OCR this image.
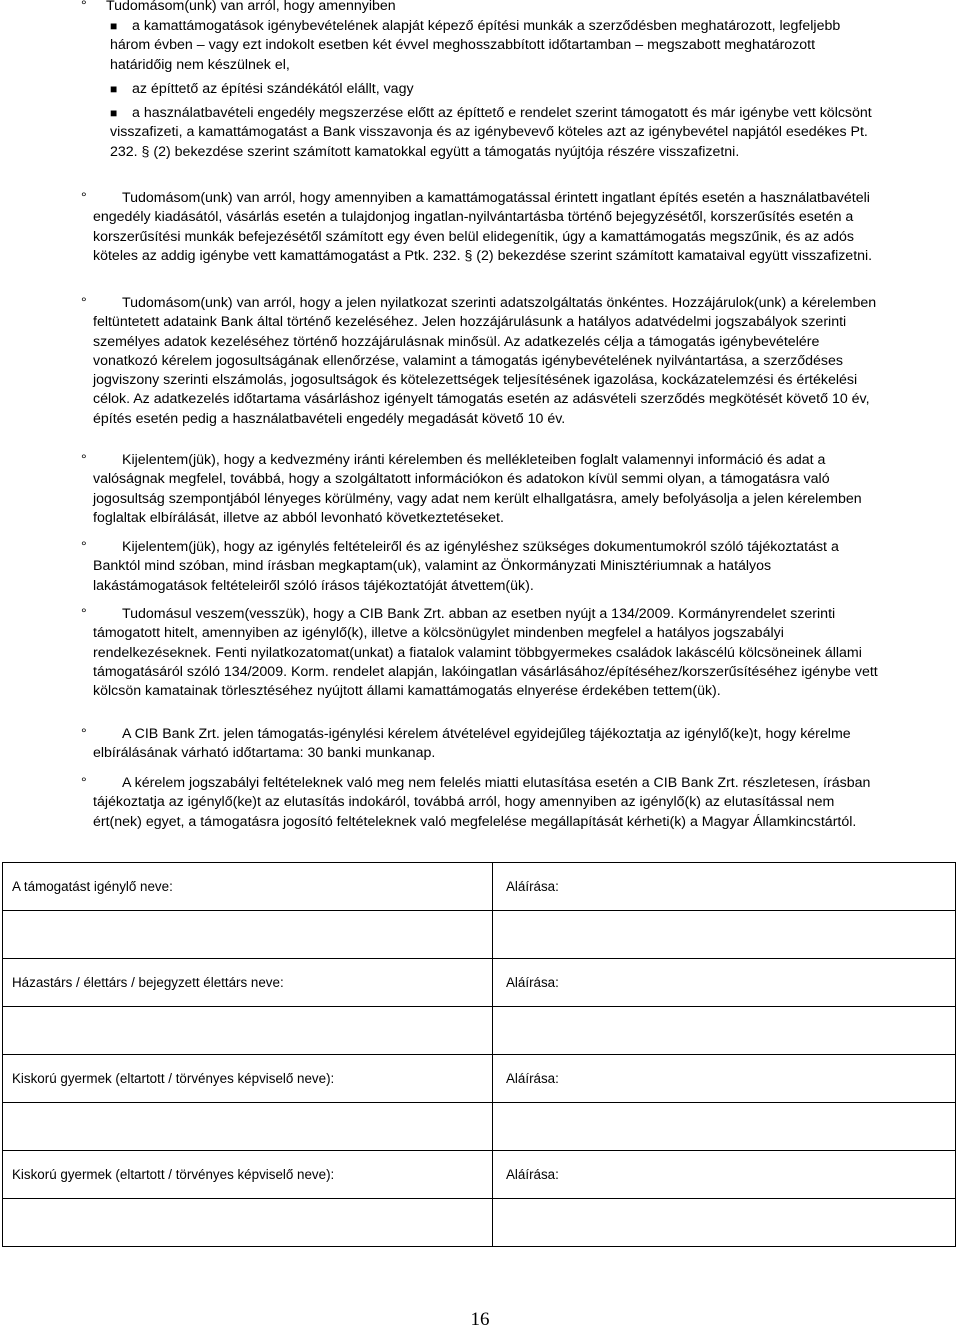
°	Tudomásom(unk) van arról, hogy amennyiben
■	a kamattámogatások igénybevételének alapját képező építési munkák a szerződésben meghatározott, legfeljebb három évben – vagy ezt indokolt esetben két évvel meghosszabbított időtartamban – megszabott meghatározott határidőig nem készülnek el,
■	az építtető az építési szándékától elállt, vagy
■	a használatbavételi engedély megszerzése előtt az építtető e rendelet szerint támogatott és már igénybe vett kölcsönt visszafizeti, a kamattámogatást a Bank visszavonja és az igénybevevő köteles azt az igénybevétel napjától esedékes Pt. 232. § (2) bekezdése szerint számított kamatokkal együtt a támogatás nyújtója részére visszafizetni.
°	Tudomásom(unk) van arról, hogy amennyiben a kamattámogatással érintett ingatlant építés esetén a használatbavételi engedély kiadásától, vásárlás esetén a tulajdonjog ingatlan-nyilvántartásba történő bejegyzésétől, korszerűsítés esetén a korszerűsítési munkák befejezésétől számított egy éven belül elidegenítik, úgy a kamattámogatás megszűnik, és az adós köteles az addig igénybe vett kamattámogatást a Ptk. 232. § (2) bekezdése szerint számított kamataival együtt visszafizetni.
°	Tudomásom(unk) van arról, hogy a jelen nyilatkozat szerinti adatszolgáltatás önkéntes. Hozzájárulok(unk) a kérelemben feltüntetett adataink Bank által történő kezeléséhez. Jelen hozzájárulásunk a hatályos adatvédelmi jogszabályok szerinti személyes adatok kezeléséhez történő hozzájárulásnak minősül. Az adatkezelés célja a támogatás igénybevételére vonatkozó kérelem jogosultságának ellenőrzése, valamint a támogatás igénybevételének nyilvántartása, a szerződéses jogviszony szerinti elszámolás, jogosultságok és kötelezettségek teljesítésének igazolása, kockázatelemzési és értékelési célok. Az adatkezelés időtartama vásárláshoz igényelt támogatás esetén az adásvételi szerződés megkötését követő 10 év, építés esetén pedig a használatbavételi engedély megadását követő 10 év.
°	Kijelentem(jük), hogy a kedvezmény iránti kérelemben és mellékleteiben foglalt valamennyi információ és adat a valóságnak megfelel, továbbá, hogy a szolgáltatott információkon és adatokon kívül semmi olyan, a támogatásra való jogosultság szempontjából lényeges körülmény, vagy adat nem került elhallgatásra, amely befolyásolja a jelen kérelemben foglaltak elbírálását, illetve az abból levonható következtetéseket.
°	Kijelentem(jük), hogy az igénylés feltételeiről és az igényléshez szükséges dokumentumokról szóló tájékoztatást a Banktól mind szóban, mind írásban megkaptam(uk), valamint az Önkormányzati Minisztériumnak a hatályos lakástámogatások feltételeiről szóló írásos tájékoztatóját átvettem(ük).
°	Tudomásul veszem(vesszük), hogy a CIB Bank Zrt. abban az esetben nyújt a 134/2009. Kormányrendelet szerinti támogatott hitelt, amennyiben az igénylő(k), illetve a kölcsönügylet mindenben megfelel a hatályos jogszabályi rendelkezéseknek. Fenti nyilatkozatomat(unkat) a fiatalok valamint többgyermekes családok lakáscélú kölcsöneinek állami támogatásáról szóló 134/2009. Korm. rendelet alapján, lakóingatlan vásárlásához/építéséhez/korszerűsítéséhez igénybe vett kölcsön kamatainak törlesztéséhez nyújtott állami kamattámogatás elnyerése érdekében tettem(ük).
°	A CIB Bank Zrt. jelen támogatás-igénylési kérelem átvételével egyidejűleg tájékoztatja az igénylő(ke)t, hogy kérelme elbírálásának várható időtartama: 30 banki munkanap.
°	A kérelem jogszabályi feltételeknek való meg nem felelés miatti elutasítása esetén a CIB Bank Zrt. részletesen, írásban tájékoztatja az igénylő(ke)t az elutasítás indokáról, továbbá arról, hogy amennyiben az igénylő(k) az elutasítással nem ért(nek) egyet, a támogatásra jogosító feltételeknek való megfelelése megállapítását kérheti(k) a Magyar Államkincstártól.
A támogatást igénylő neve:	Aláírása:

Házastárs / élettárs / bejegyzett élettárs neve:	Aláírása:

Kiskorú gyermek (eltartott / törvényes képviselő neve):	Aláírása:

Kiskorú gyermek (eltartott / törvényes képviselő neve):	Aláírása:

16
